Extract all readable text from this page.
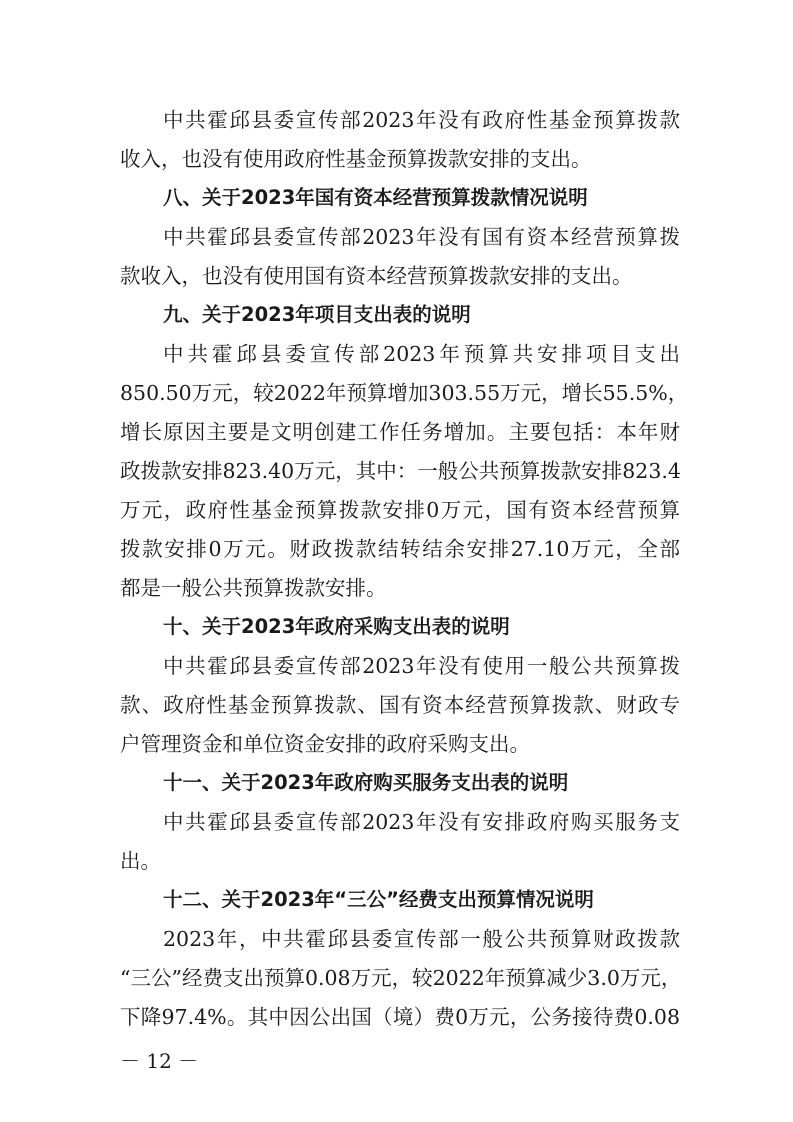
中共霍邱县委宣传部2023年没有政府性基金预算拨款
收入，也没有使用政府性基金预算拨款安排的支出。
八、关于2023年国有资本经营预算拨款情况说明
中共霍邱县委宣传部2023年没有国有资本经营预算拨
款收入，也没有使用国有资本经营预算拨款安排的支出。
九、关于2023年项目支出表的说明
中共霍邱县委宣传部2023年预算共安排项目支出
850.50万元，较2022年预算增加303.55万元，增长55.5%，
增长原因主要是文明创建工作任务增加。主要包括：本年财
政拨款安排823.40万元，其中：一般公共预算拨款安排823.4
万元，政府性基金预算拨款安排0万元，国有资本经营预算
拨款安排0万元。财政拨款结转结余安排27.10万元，全部
都是一般公共预算拨款安排。
十、关于2023年政府采购支出表的说明
中共霍邱县委宣传部2023年没有使用一般公共预算拨
款、政府性基金预算拨款、国有资本经营预算拨款、财政专
户管理资金和单位资金安排的政府采购支出。
十一、关于2023年政府购买服务支出表的说明
中共霍邱县委宣传部2023年没有安排政府购买服务支
出。
十二、关于2023年“三公”经费支出预算情况说明
2023年，中共霍邱县委宣传部一般公共预算财政拨款
“三公”经费支出预算0.08万元，较2022年预算减少3.0万元，
下降97.4%。其中因公出国（境）费0万元，公务接待费0.08
－ 12 －
